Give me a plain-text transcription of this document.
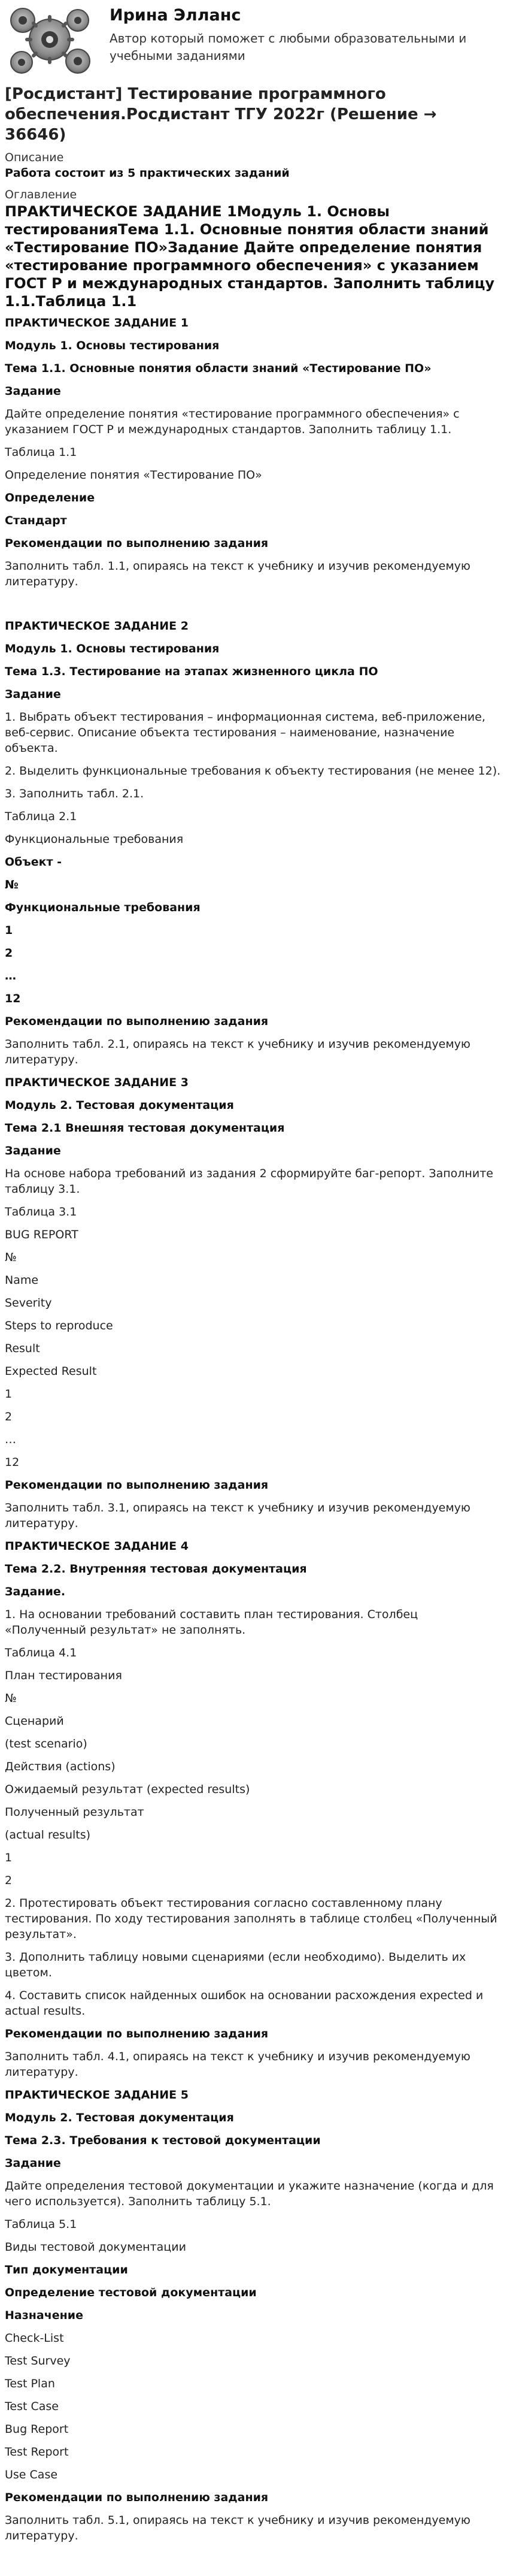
Ирина Элланс
Автор который поможет с любыми образовательными и учебными заданиями
[Росдистант] Тестирование программного обеспечения.Росдистант ТГУ 2022г (Решение → 36646)

Описание

Работа состоит из 5 практических заданий

Оглавление

ПРАКТИЧЕСКОЕ ЗАДАНИЕ 1Модуль 1. Основы тестированияТема 1.1. Основные понятия области знаний «Тестирование ПО»Задание Дайте определение понятия «тестирование программного обеспечения» с указанием ГОСТ Р и международных стандартов. Заполнить таблицу 1.1.Таблица 1.1

ПРАКТИЧЕСКОЕ ЗАДАНИЕ 1

Модуль 1. Основы тестирования

Тема 1.1. Основные понятия области знаний «Тестирование ПО»

Задание

Дайте определение понятия «тестирование программного обеспечения» с указанием ГОСТ Р и международных стандартов. Заполнить таблицу 1.1.

Таблица 1.1

Определение понятия «Тестирование ПО»

Определение

Стандарт

Рекомендации по выполнению задания

Заполнить табл. 1.1, опираясь на текст к учебнику и изучив рекомендуемую литературу.

ПРАКТИЧЕСКОЕ ЗАДАНИЕ 2

Модуль 1. Основы тестирования

Тема 1.3. Тестирование на этапах жизненного цикла ПО

Задание

1. Выбрать объект тестирования – информационная система, веб-приложение, веб-сервис. Описание объекта тестирования – наименование, назначение объекта.

2. Выделить функциональные требования к объекту тестирования (не менее 12).

3. Заполнить табл. 2.1.

Таблица 2.1

Функциональные требования

Объект -

№

Функциональные требования

1

2

…

12

Рекомендации по выполнению задания

Заполнить табл. 2.1, опираясь на текст к учебнику и изучив рекомендуемую литературу.

ПРАКТИЧЕСКОЕ ЗАДАНИЕ 3

Модуль 2. Тестовая документация

Тема 2.1 Внешняя тестовая документация

Задание

На основе набора требований из задания 2 сформируйте баг-репорт. Заполните таблицу 3.1.

Таблица 3.1

BUG REPORT

№

Name

Severity

Steps to reproduce

Result

Expected Result

1

2

…

12

Рекомендации по выполнению задания

Заполнить табл. 3.1, опираясь на текст к учебнику и изучив рекомендуемую литературу.

ПРАКТИЧЕСКОЕ ЗАДАНИЕ 4

Тема 2.2. Внутренняя тестовая документация

Задание.

1. На основании требований составить план тестирования. Столбец «Полученный результат» не заполнять.

Таблица 4.1

План тестирования

№

Сценарий

(test scenario)

Действия (actions)

Ожидаемый результат (expected results)

Полученный результат

(actual results)

1

2

2. Протестировать объект тестирования согласно составленному плану тестирования. По ходу тестирования заполнять в таблице столбец «Полученный результат».

3. Дополнить таблицу новыми сценариями (если необходимо). Выделить их цветом.

4. Составить список найденных ошибок на основании расхождения expected и actual results.

Рекомендации по выполнению задания

Заполнить табл. 4.1, опираясь на текст к учебнику и изучив рекомендуемую литературу.

ПРАКТИЧЕСКОЕ ЗАДАНИЕ 5

Модуль 2. Тестовая документация

Тема 2.3. Требования к тестовой документации

Задание

Дайте определения тестовой документации и укажите назначение (когда и для чего используется). Заполнить таблицу 5.1.

Таблица 5.1

Виды тестовой документации

Тип документации

Определение тестовой документации

Назначение

Check-List

Test Survey

Test Plan

Test Case

Bug Report

Test Report

Use Case

Рекомендации по выполнению задания

Заполнить табл. 5.1, опираясь на текст к учебнику и изучив рекомендуемую литературу.
